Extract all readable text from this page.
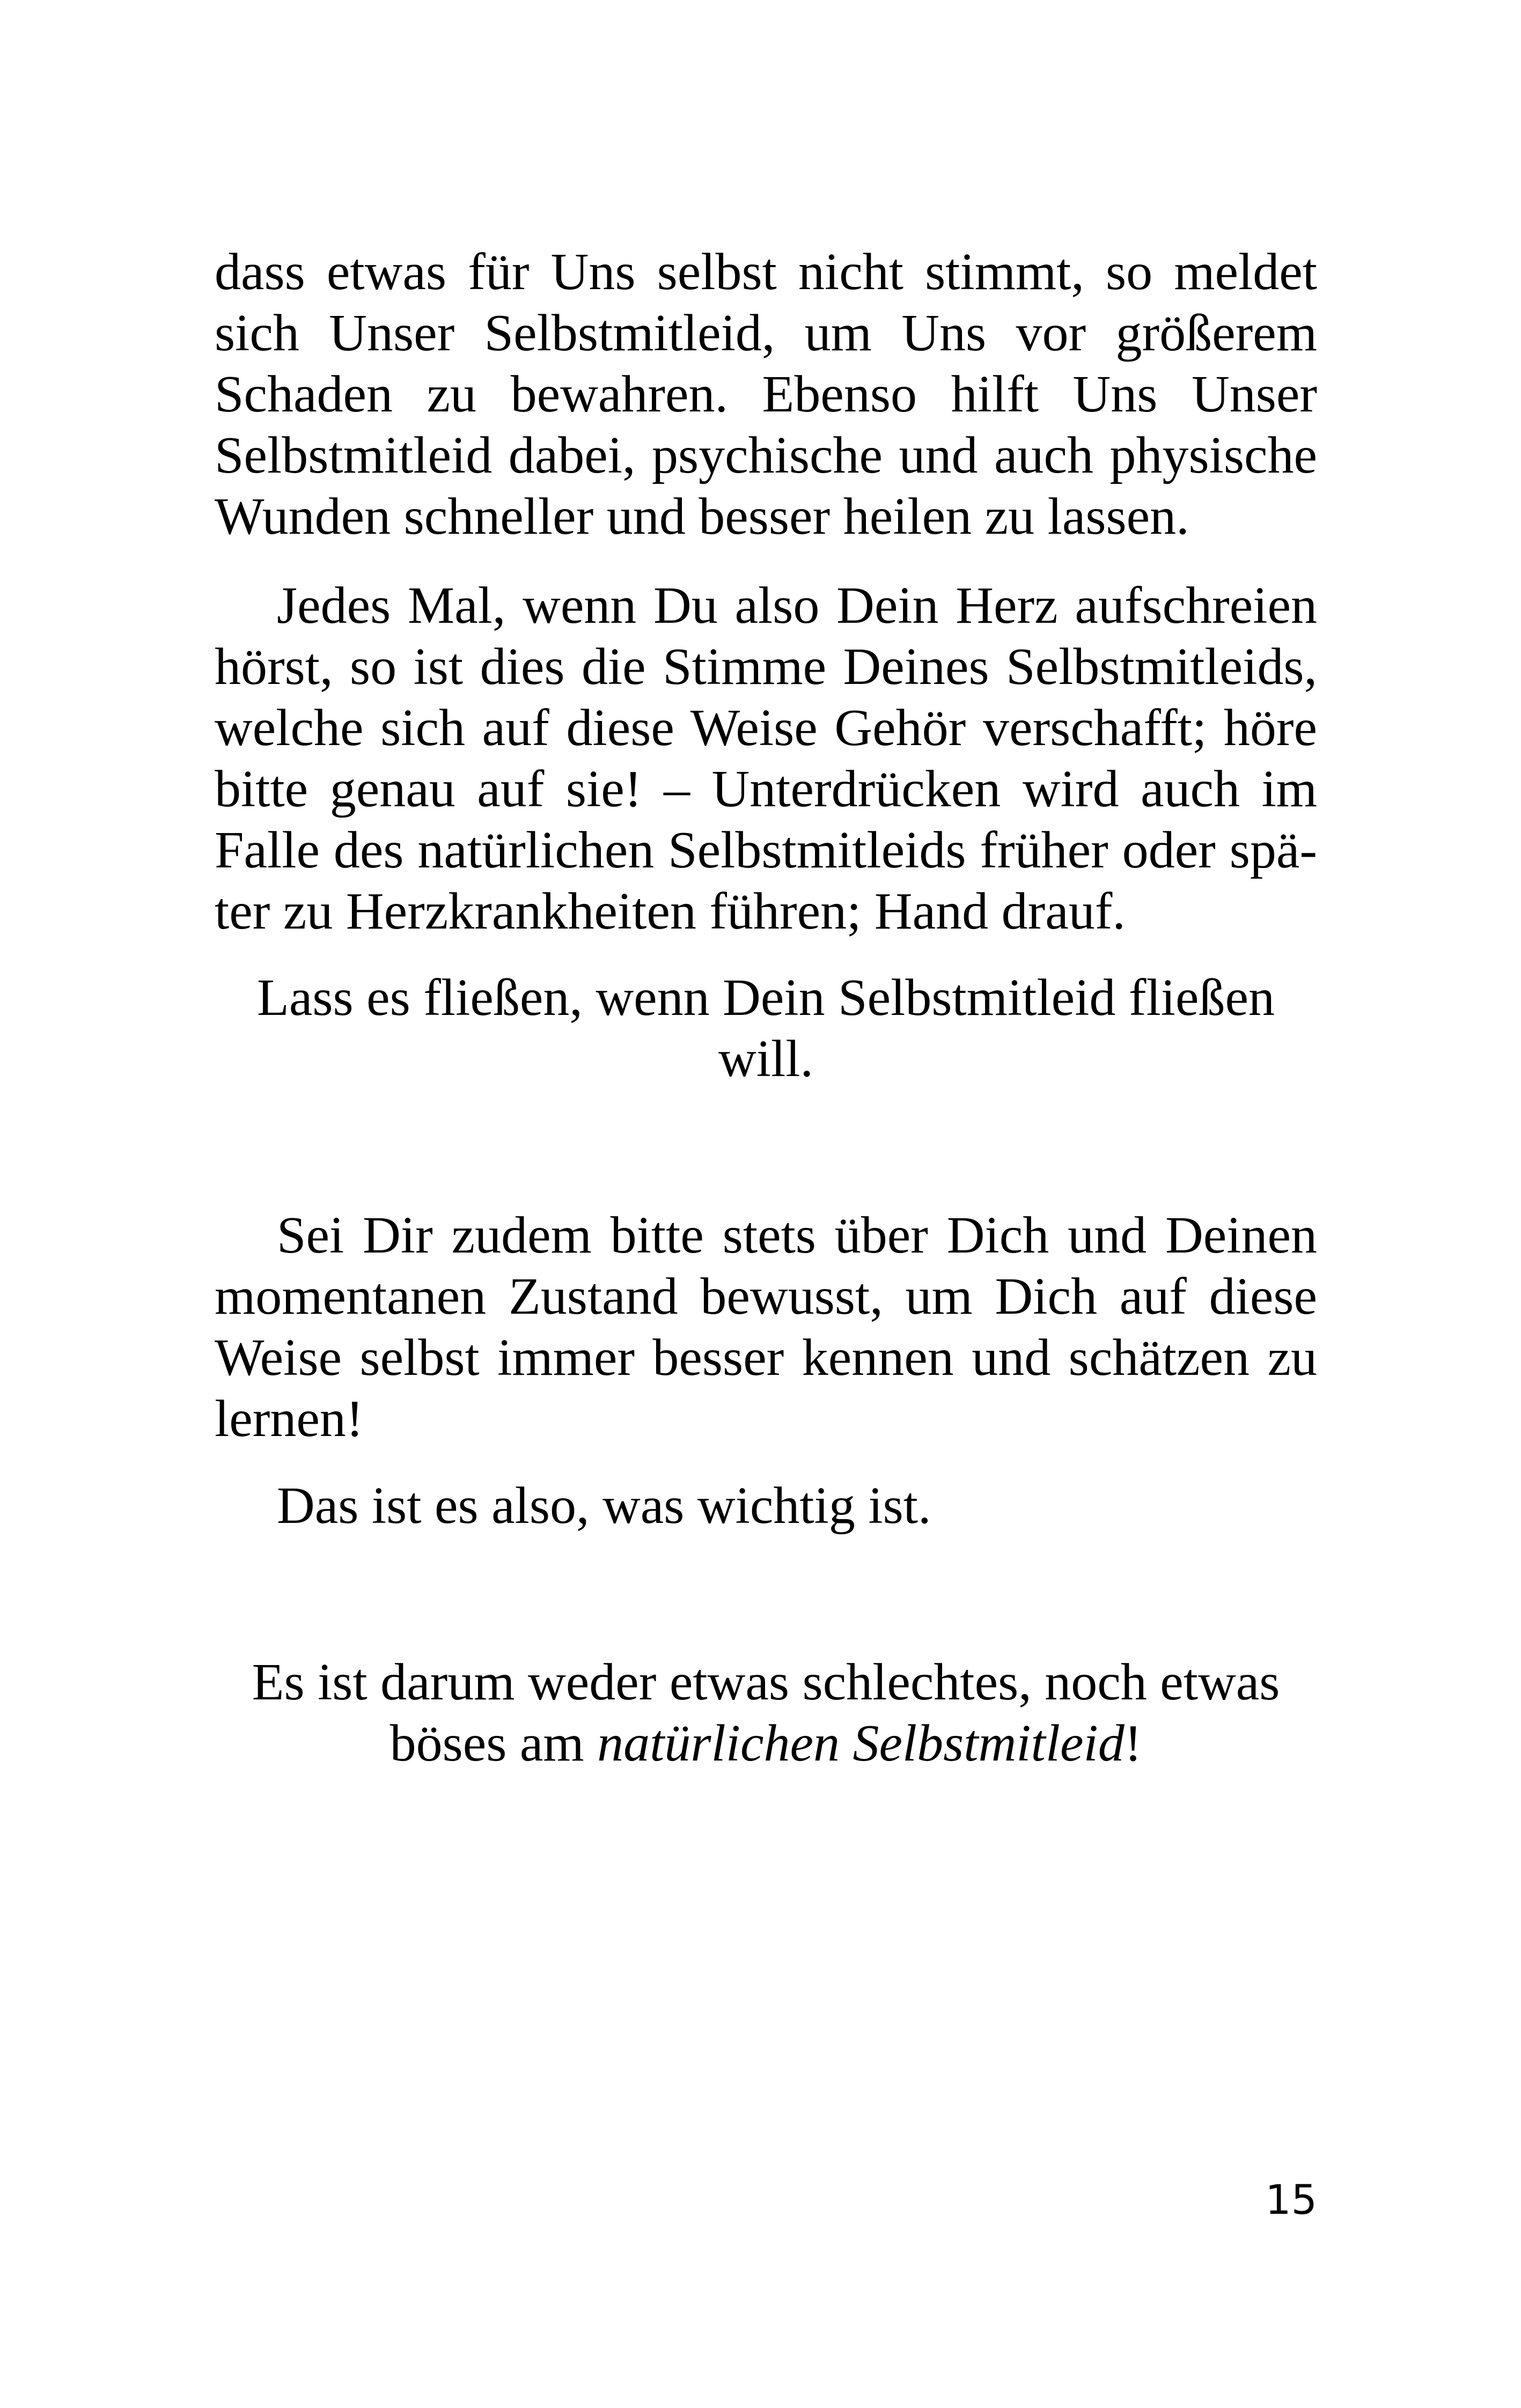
dass etwas für Uns selbst nicht stimmt, so meldet
sich Unser Selbstmitleid, um Uns vor größerem
Schaden zu bewahren. Ebenso hilft Uns Unser
Selbstmitleid dabei, psychische und auch physische
Wunden schneller und besser heilen zu lassen.
Jedes Mal, wenn Du also Dein Herz aufschreien
hörst, so ist dies die Stimme Deines Selbstmitleids,
welche sich auf diese Weise Gehör verschafft; höre
bitte genau auf sie! – Unterdrücken wird auch im
Falle des natürlichen Selbstmitleids früher oder spä-
ter zu Herzkrankheiten führen; Hand drauf.
Lass es fließen, wenn Dein Selbstmitleid fließen
will.
Sei Dir zudem bitte stets über Dich und Deinen
momentanen Zustand bewusst, um Dich auf diese
Weise selbst immer besser kennen und schätzen zu
lernen!
Das ist es also, was wichtig ist.
Es ist darum weder etwas schlechtes, noch etwas
böses am natürlichen Selbstmitleid!
15
